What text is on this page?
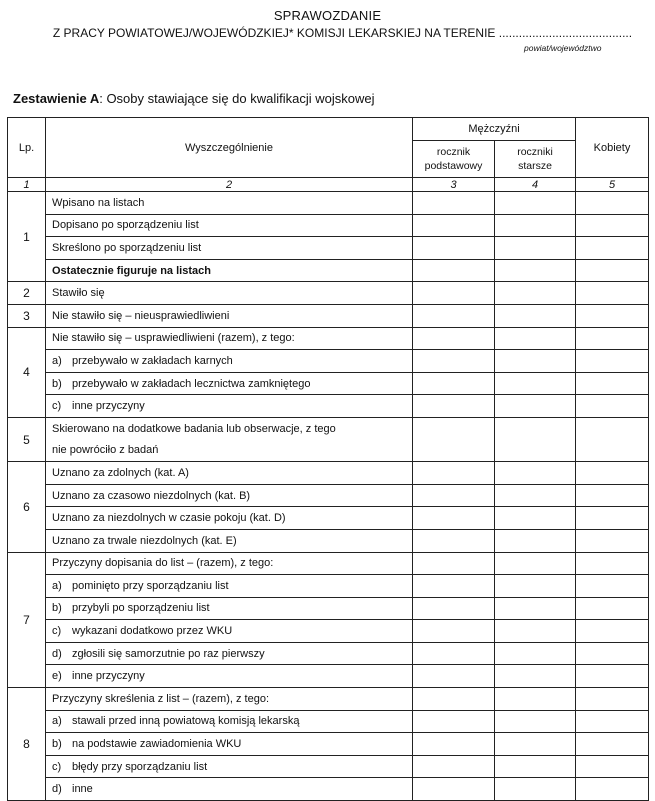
SPRAWOZDANIE
Z PRACY POWIATOWEJ/WOJEWÓDZKIEJ* KOMISJI LEKARSKIEJ NA TERENIE ........................................
powiat/województwo
Zestawienie A: Osoby stawiające się do kwalifikacji wojskowej
Lp.	Wyszczególnienie	Mężczyźni		Kobiety
		rocznik podstawowy	roczniki starsze	
1	2	3	4	5
1	Wpisano na listach			
	Dopisano po sporządzeniu list			
	Skreślono po sporządzeniu list			
	Ostatecznie figuruje na listach			
2	Stawiło się			
3	Nie stawiło się – nieusprawiedliwieni			
4	Nie stawiło się – usprawiedliwieni (razem), z tego:			
	a) przebywało w zakładach karnych			
	b) przebywało w zakładach lecznictwa zamkniętego			
	c) inne przyczyny			
5	Skierowano na dodatkowe badania lub obserwacje, z tego			
	nie powróciło z badań			
6	Uznano za zdolnych (kat. A)			
	Uznano za czasowo niezdolnych (kat. B)			
	Uznano za niezdolnych w czasie pokoju (kat. D)			
	Uznano za trwale niezdolnych (kat. E)			
7	Przyczyny dopisania do list – (razem), z tego:			
	a) pominięto przy sporządzaniu list			
	b) przybyli po sporządzeniu list			
	c) wykazani dodatkowo przez WKU			
	d) zgłosili się samorzutnie po raz pierwszy			
	e) inne przyczyny			
8	Przyczyny skreślenia z list – (razem), z tego:			
	a) stawali przed inną powiatową komisją lekarską			
	b) na podstawie zawiadomienia WKU			
	c) błędy przy sporządzaniu list			
	d) inne			
